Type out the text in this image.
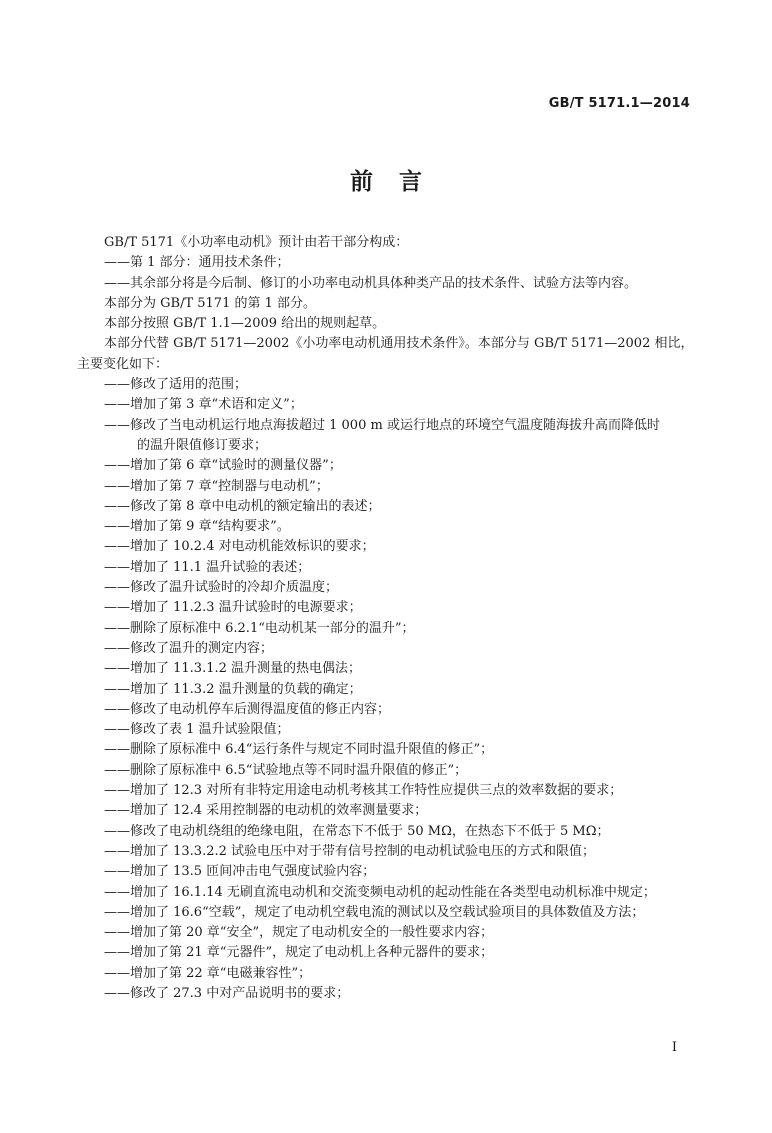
GB/T 5171.1—2014
前言

GB/T 5171《小功率电动机》预计由若干部分构成：

——第 1 部分：通用技术条件；

——其余部分将是今后制、修订的小功率电动机具体种类产品的技术条件、试验方法等内容。

本部分为 GB/T 5171 的第 1 部分。

本部分按照 GB/T 1.1—2009 给出的规则起草。

本部分代替 GB/T 5171—2002《小功率电动机通用技术条件》。本部分与 GB/T 5171—2002 相比，

主要变化如下：

——修改了适用的范围；

——增加了第 3 章“术语和定义”；

——修改了当电动机运行地点海拔超过 1 000 m 或运行地点的环境空气温度随海拔升高而降低时

的温升限值修订要求；

——增加了第 6 章“试验时的测量仪器”；

——增加了第 7 章“控制器与电动机”；

——修改了第 8 章中电动机的额定输出的表述；

——增加了第 9 章“结构要求”。

——增加了 10.2.4 对电动机能效标识的要求；

——增加了 11.1 温升试验的表述；

——修改了温升试验时的冷却介质温度；

——增加了 11.2.3 温升试验时的电源要求；

——删除了原标准中 6.2.1“电动机某一部分的温升”；

——修改了温升的测定内容；

——增加了 11.3.1.2 温升测量的热电偶法；

——增加了 11.3.2 温升测量的负载的确定；

——修改了电动机停车后测得温度值的修正内容；

——修改了表 1 温升试验限值；

——删除了原标准中 6.4“运行条件与规定不同时温升限值的修正”；

——删除了原标准中 6.5“试验地点等不同时温升限值的修正”；

——增加了 12.3 对所有非特定用途电动机考核其工作特性应提供三点的效率数据的要求；

——增加了 12.4 采用控制器的电动机的效率测量要求；

——修改了电动机绕组的绝缘电阻，在常态下不低于 50 MΩ，在热态下不低于 5 MΩ；

——增加了 13.3.2.2 试验电压中对于带有信号控制的电动机试验电压的方式和限值；

——增加了 13.5 匝间冲击电气强度试验内容；

——增加了 16.1.14 无刷直流电动机和交流变频电动机的起动性能在各类型电动机标准中规定；

——增加了 16.6“空载”，规定了电动机空载电流的测试以及空载试验项目的具体数值及方法；

——增加了第 20 章“安全”，规定了电动机安全的一般性要求内容；

——增加了第 21 章“元器件”，规定了电动机上各种元器件的要求；

——增加了第 22 章“电磁兼容性”；

——修改了 27.3 中对产品说明书的要求；

I
